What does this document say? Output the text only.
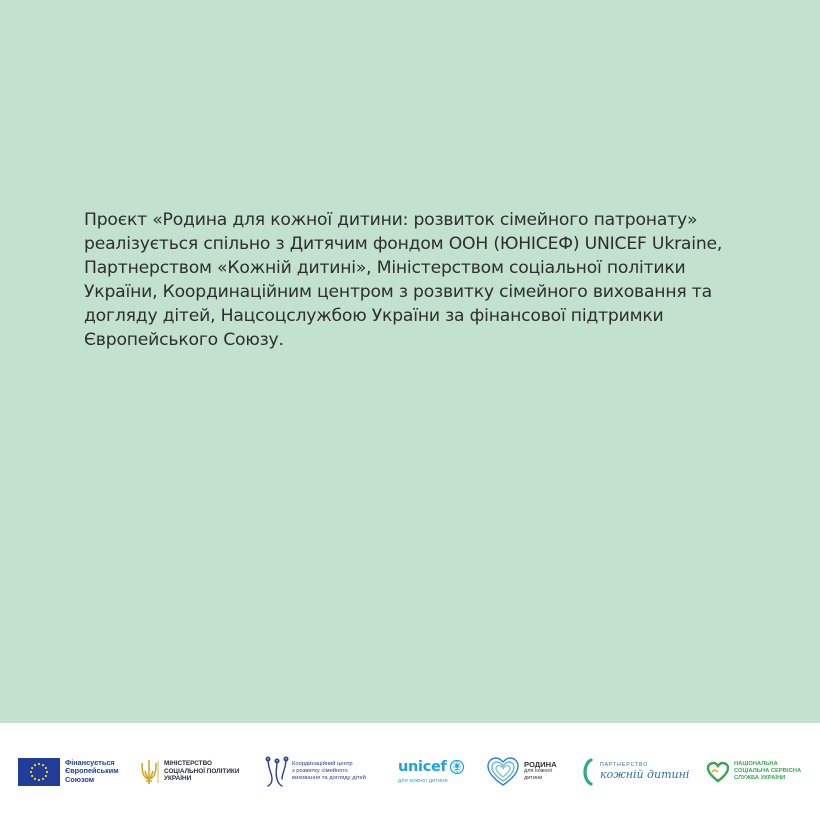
Проєкт «Родина для кожної дитини: розвиток сімейного патронату» реалізується спільно з Дитячим фондом ООН (ЮНІСЕФ) UNICEF Ukraine, Партнерством «Кожній дитині», Міністерством соціальної політики України, Координаційним центром з розвитку сімейного виховання та догляду дітей, Нацсоцслужбою України за фінансової підтримки Європейського Союзу.

Фінансується
Європейським
Союзом
МІНІСТЕРСТВО
СОЦІАЛЬНОЇ ПОЛІТИКИ
УКРАЇНИ
Координаційний центр
з розвитку сімейного
виховання та догляду дітей
unicef
для кожної дитини
РОДИНА
для кожної
дитини
ПАРТНЕРСТВО
кожній дитині
НАЦІОНАЛЬНА
СОЦІАЛЬНА СЕРВІСНА
СЛУЖБА УКРАЇНИ
